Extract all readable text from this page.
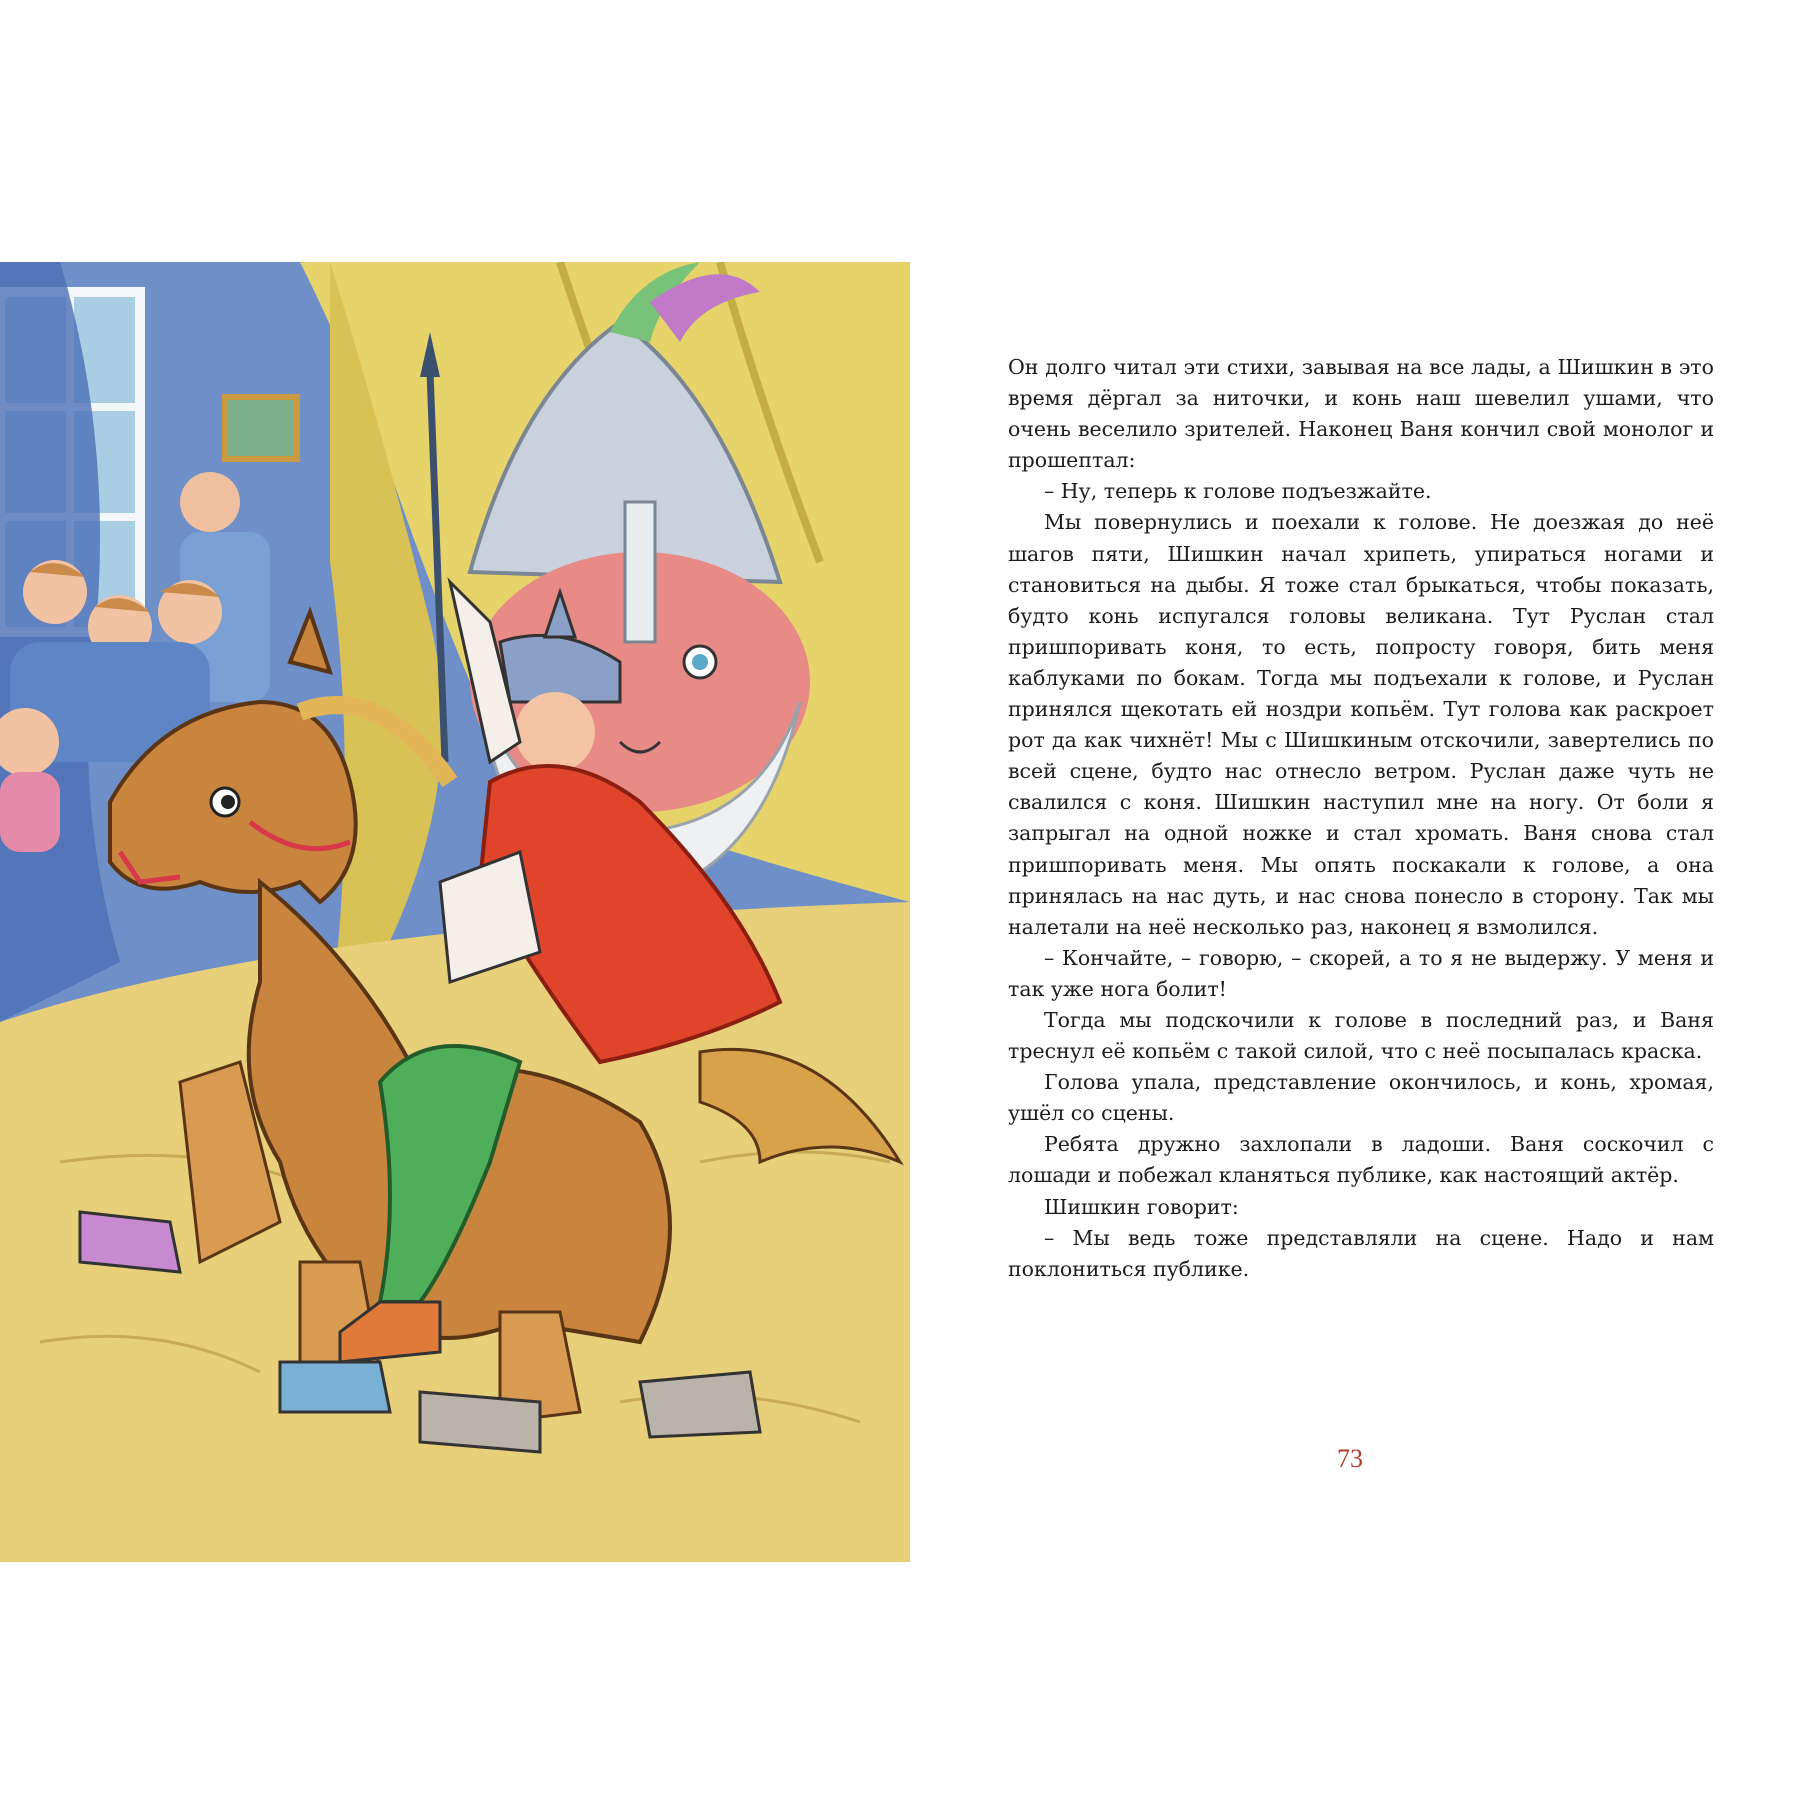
Он долго читал эти стихи, завывая на все лады, а Шишкин в это время дёргал за ниточки, и конь наш шевелил ушами, что очень веселило зрителей. Наконец Ваня кончил свой монолог и прошептал:

– Ну, теперь к голове подъезжайте.

Мы повернулись и поехали к голове. Не доезжая до неё шагов пяти, Шишкин начал хрипеть, упираться ногами и становиться на дыбы. Я тоже стал брыкаться, чтобы показать, будто конь испугался головы великана. Тут Руслан стал пришпоривать коня, то есть, попросту говоря, бить меня каблуками по бокам. Тогда мы подъехали к голове, и Руслан принялся щекотать ей ноздри копьём. Тут голова как раскроет рот да как чихнёт! Мы с Шишкиным отскочили, завертелись по всей сцене, будто нас отнесло ветром. Руслан даже чуть не свалился с коня. Шишкин наступил мне на ногу. От боли я запрыгал на одной ножке и стал хромать. Ваня снова стал пришпоривать меня. Мы опять поскакали к голове, а она принялась на нас дуть, и нас снова понесло в сторону. Так мы налетали на неё несколько раз, наконец я взмолился.

– Кончайте, – говорю, – скорей, а то я не выдержу. У меня и так уже нога болит!

Тогда мы подскочили к голове в последний раз, и Ваня треснул её копьём с такой силой, что с неё посыпалась краска.

Голова упала, представление окончилось, и конь, хромая, ушёл со сцены.

Ребята дружно захлопали в ладоши. Ваня соскочил с лошади и побежал кланяться публике, как настоящий актёр.

Шишкин говорит:

– Мы ведь тоже представляли на сцене. Надо и нам поклониться публике.

73
